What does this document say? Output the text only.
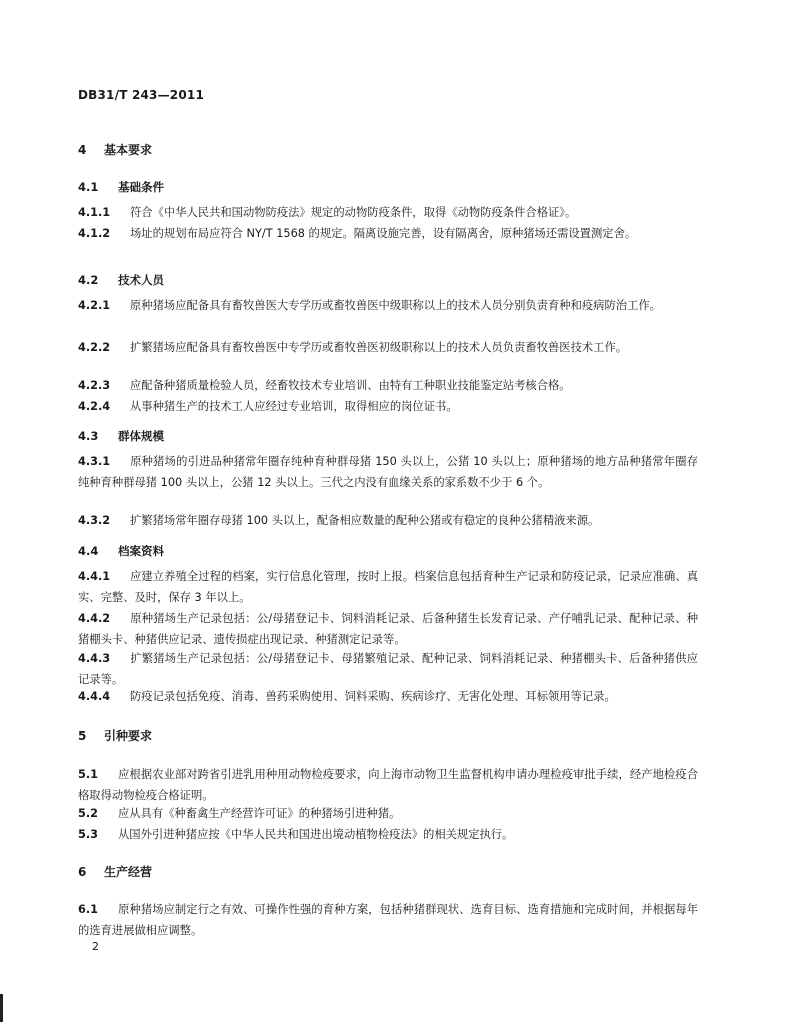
DB31/T 243—2011
4 基本要求
4.1 基础条件
4.1.1 符合《中华人民共和国动物防疫法》规定的动物防疫条件，取得《动物防疫条件合格证》。
4.1.2 场址的规划布局应符合 NY/T 1568 的规定。隔离设施完善，设有隔离舍，原种猪场还需设置测定舍。
4.2 技术人员
4.2.1 原种猪场应配备具有畜牧兽医大专学历或畜牧兽医中级职称以上的技术人员分别负责育种和疫病防治工作。
4.2.2 扩繁猪场应配备具有畜牧兽医中专学历或畜牧兽医初级职称以上的技术人员负责畜牧兽医技术工作。
4.2.3 应配备种猪质量检验人员，经畜牧技术专业培训、由特有工种职业技能鉴定站考核合格。
4.2.4 从事种猪生产的技术工人应经过专业培训，取得相应的岗位证书。
4.3 群体规模
4.3.1 原种猪场的引进品种猪常年圈存纯种育种群母猪 150 头以上，公猪 10 头以上；原种猪场的地方品种猪常年圈存纯种育种群母猪 100 头以上，公猪 12 头以上。三代之内没有血缘关系的家系数不少于 6 个。
4.3.2 扩繁猪场常年圈存母猪 100 头以上，配备相应数量的配种公猪或有稳定的良种公猪精液来源。
4.4 档案资料
4.4.1 应建立养殖全过程的档案，实行信息化管理，按时上报。档案信息包括育种生产记录和防疫记录，记录应准确、真实、完整、及时，保存 3 年以上。
4.4.2 原种猪场生产记录包括：公/母猪登记卡、饲料消耗记录、后备种猪生长发育记录、产仔哺乳记录、配种记录、种猪棚头卡、种猪供应记录、遗传损症出现记录、种猪测定记录等。
4.4.3 扩繁猪场生产记录包括：公/母猪登记卡、母猪繁殖记录、配种记录、饲料消耗记录、种猪棚头卡、后备种猪供应记录等。
4.4.4 防疫记录包括免疫、消毒、兽药采购使用、饲料采购、疾病诊疗、无害化处理、耳标领用等记录。
5 引种要求
5.1 应根据农业部对跨省引进乳用种用动物检疫要求，向上海市动物卫生监督机构申请办理检疫审批手续，经产地检疫合格取得动物检疫合格证明。
5.2 应从具有《种畜禽生产经营许可证》的种猪场引进种猪。
5.3 从国外引进种猪应按《中华人民共和国进出境动植物检疫法》的相关规定执行。
6 生产经营
6.1 原种猪场应制定行之有效、可操作性强的育种方案，包括种猪群现状、选育目标、选育措施和完成时间，并根据每年的选育进展做相应调整。
2
